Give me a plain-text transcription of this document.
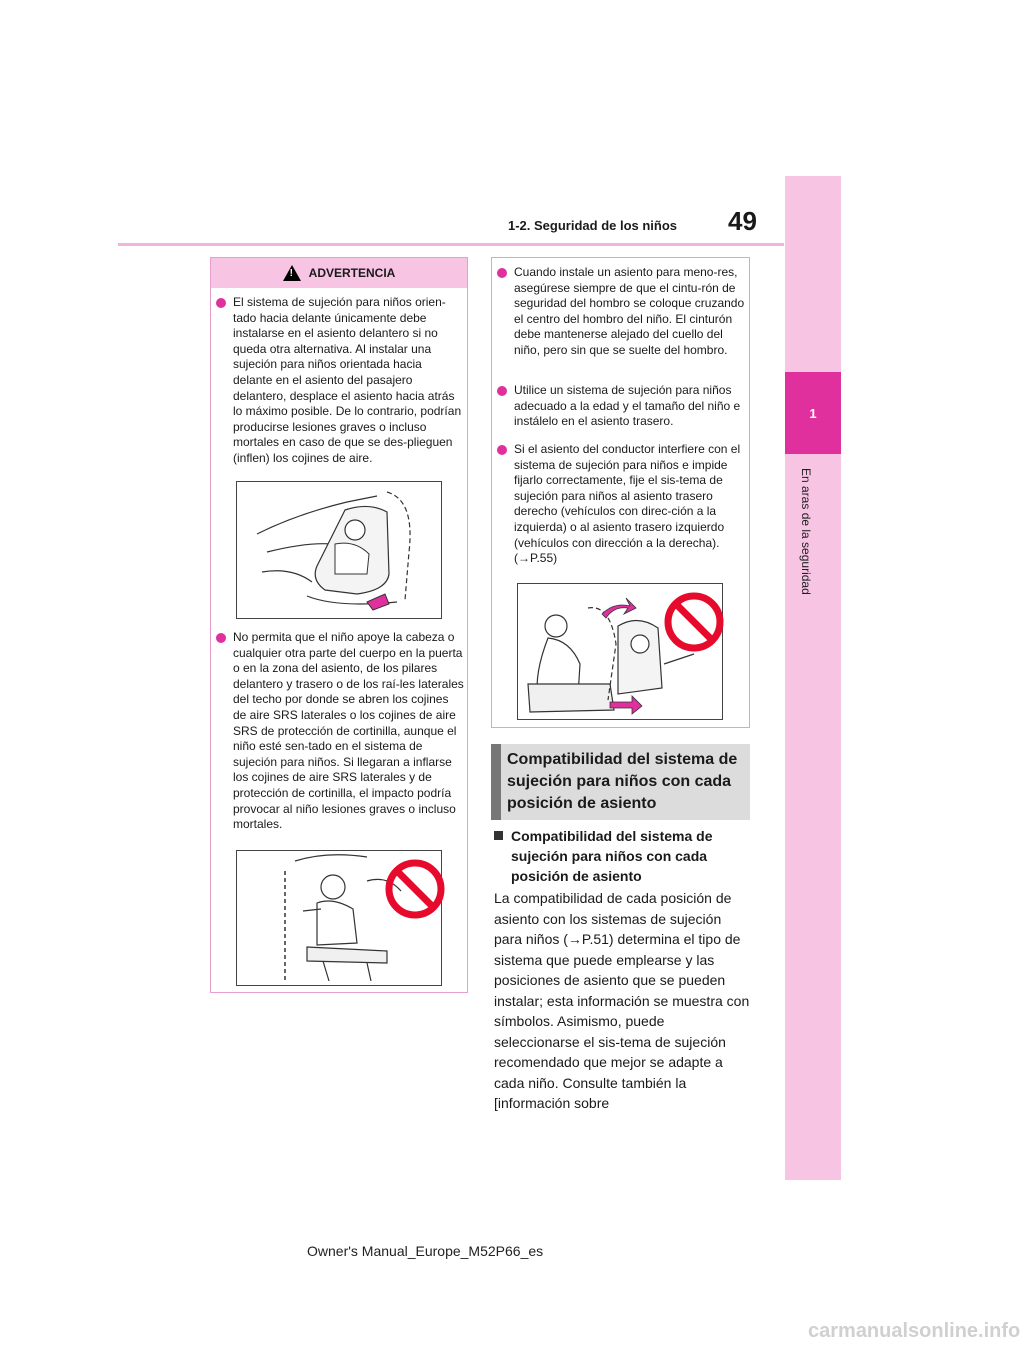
1-2. Seguridad de los niños 49
1
En aras de la seguridad
!
ADVERTENCIA
El sistema de sujeción para niños orien-tado hacia delante únicamente debe instalarse en el asiento delantero si no queda otra alternativa. Al instalar una sujeción para niños orientada hacia delante en el asiento del pasajero delantero, desplace el asiento hacia atrás lo máximo posible. De lo contrario, podrían producirse lesiones graves o incluso mortales en caso de que se des-plieguen (inflen) los cojines de aire.
No permita que el niño apoye la cabeza o cualquier otra parte del cuerpo en la puerta o en la zona del asiento, de los pilares delantero y trasero o de los raí-les laterales del techo por donde se abren los cojines de aire SRS laterales o los cojines de aire SRS de protección de cortinilla, aunque el niño esté sen-tado en el sistema de sujeción para niños. Si llegaran a inflarse los cojines de aire SRS laterales y de protección de cortinilla, el impacto podría provocar al niño lesiones graves o incluso mortales.
Cuando instale un asiento para meno-res, asegúrese siempre de que el cintu-rón de seguridad del hombro se coloque cruzando el centro del hombro del niño. El cinturón debe mantenerse alejado del cuello del niño, pero sin que se suelte del hombro.
Utilice un sistema de sujeción para niños adecuado a la edad y el tamaño del niño e instálelo en el asiento trasero.
Si el asiento del conductor interfiere con el sistema de sujeción para niños e impide fijarlo correctamente, fije el sis-tema de sujeción para niños al asiento trasero derecho (vehículos con direc-ción a la izquierda) o al asiento trasero izquierdo (vehículos con dirección a la derecha). (→P.55)
Compatibilidad del sistema de sujeción para niños con cada posición de asiento
Compatibilidad del sistema de sujeción para niños con cada posición de asiento
La compatibilidad de cada posición de asiento con los sistemas de sujeción para niños (→P.51) determina el tipo de sistema que puede emplearse y las posiciones de asiento que se pueden instalar; esta información se muestra con símbolos. Asimismo, puede seleccionarse el sis-tema de sujeción recomendado que mejor se adapte a cada niño. Consulte también la [información sobre
Owner's Manual_Europe_M52P66_es
carmanualsonline.info
